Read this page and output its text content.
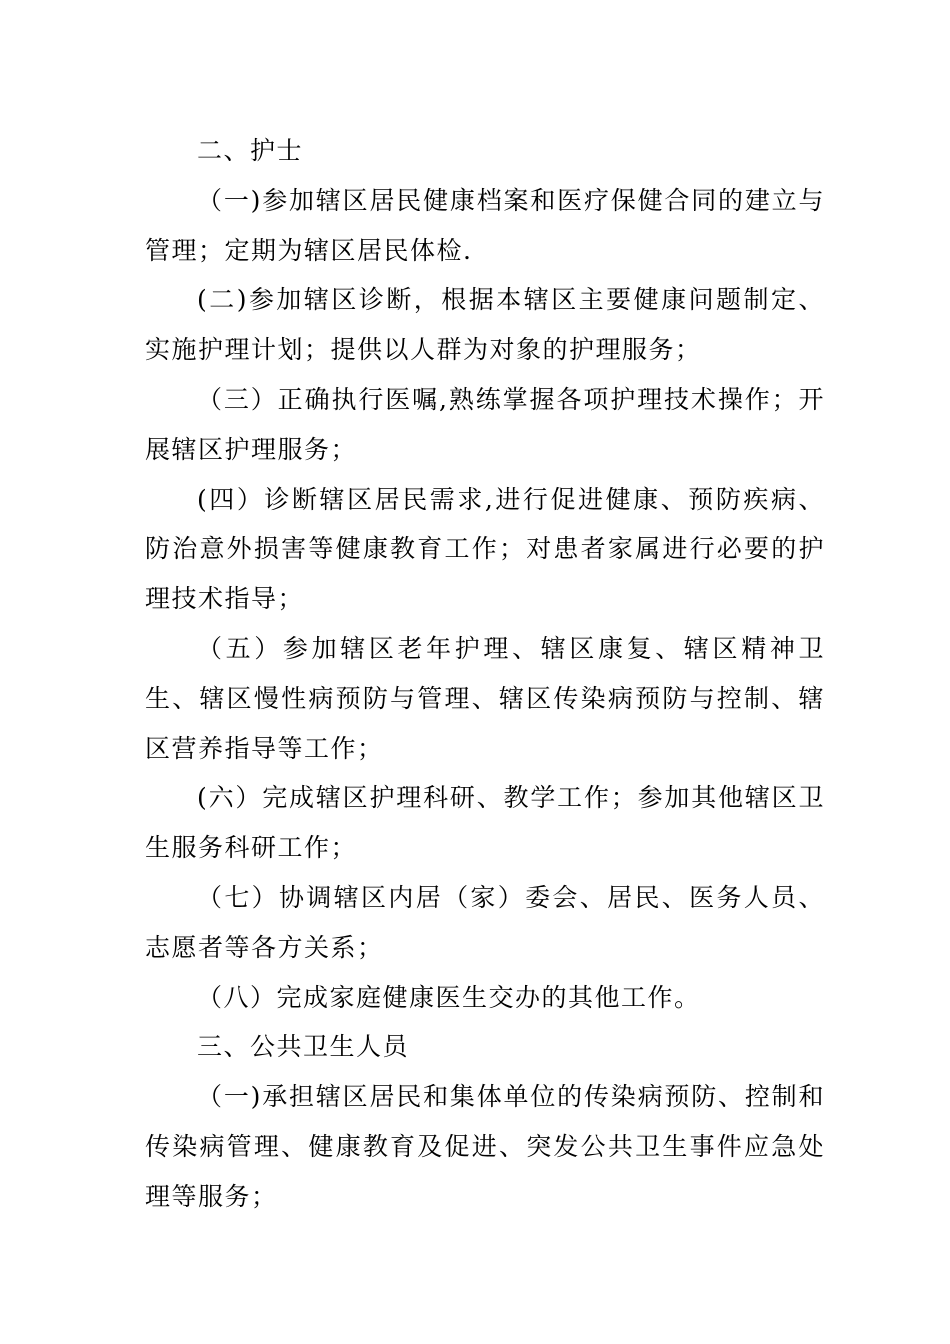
二、护士

（一)参加辖区居民健康档案和医疗保健合同的建立与管理；定期为辖区居民体检.

(二)参加辖区诊断，根据本辖区主要健康问题制定、实施护理计划；提供以人群为对象的护理服务；

（三）正确执行医嘱,熟练掌握各项护理技术操作；开展辖区护理服务；

(四）诊断辖区居民需求,进行促进健康、预防疾病、防治意外损害等健康教育工作；对患者家属进行必要的护理技术指导；

（五）参加辖区老年护理、辖区康复、辖区精神卫生、辖区慢性病预防与管理、辖区传染病预防与控制、辖区营养指导等工作；

(六）完成辖区护理科研、教学工作；参加其他辖区卫生服务科研工作；

（七）协调辖区内居（家）委会、居民、医务人员、志愿者等各方关系；

（八）完成家庭健康医生交办的其他工作。

三、公共卫生人员

（一)承担辖区居民和集体单位的传染病预防、控制和传染病管理、健康教育及促进、突发公共卫生事件应急处理等服务；
